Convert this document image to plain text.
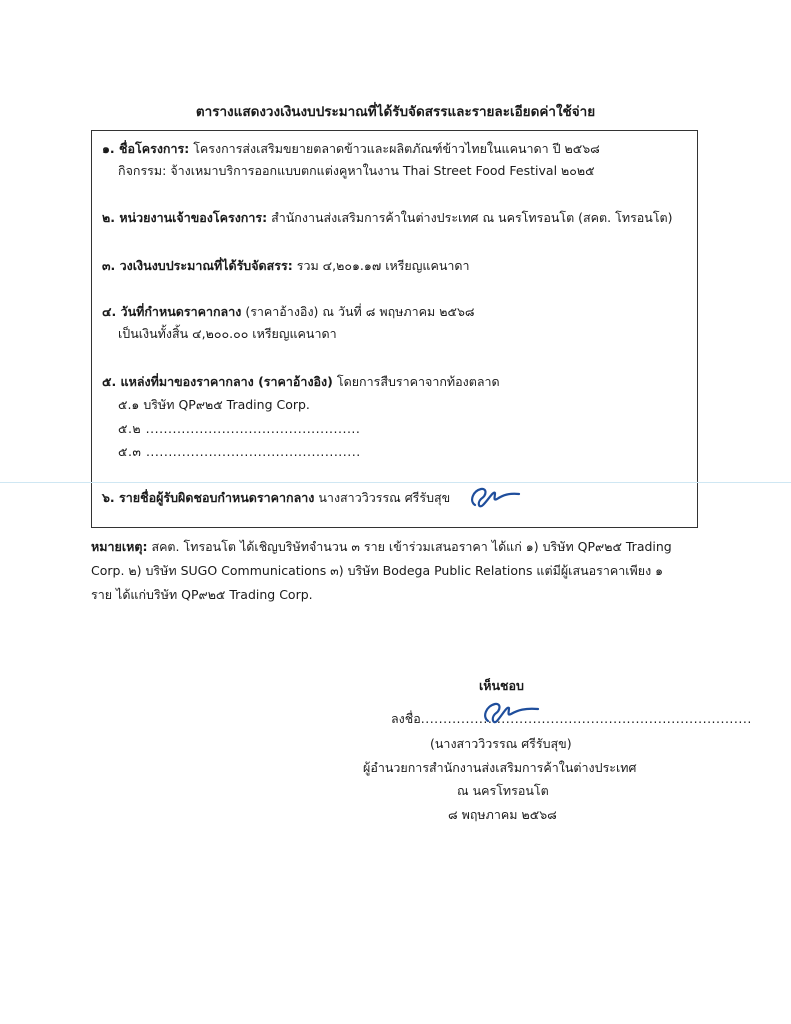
ตารางแสดงวงเงินงบประมาณที่ได้รับจัดสรรและรายละเอียดค่าใช้จ่าย
๑. ชื่อโครงการ: โครงการส่งเสริมขยายตลาดข้าวและผลิตภัณฑ์ข้าวไทยในแคนาดา ปี ๒๕๖๘
กิจกรรม: จ้างเหมาบริการออกแบบตกแต่งคูหาในงาน Thai Street Food Festival ๒๐๒๕
๒. หน่วยงานเจ้าของโครงการ: สำนักงานส่งเสริมการค้าในต่างประเทศ ณ นครโทรอนโต (สคต. โทรอนโต)
๓. วงเงินงบประมาณที่ได้รับจัดสรร: รวม ๔,๒๐๑.๑๗ เหรียญแคนาดา
๔. วันที่กำหนดราคากลาง (ราคาอ้างอิง) ณ วันที่ ๘ พฤษภาคม ๒๕๖๘
เป็นเงินทั้งสิ้น ๔,๒๐๐.๐๐ เหรียญแคนาดา
๕. แหล่งที่มาของราคากลาง (ราคาอ้างอิง) โดยการสืบราคาจากท้องตลาด
๕.๑ บริษัท QP๙๒๕ Trading Corp.
๕.๒ ................................................
๕.๓ ................................................
๖. รายชื่อผู้รับผิดชอบกำหนดราคากลาง นางสาววิวรรณ ศรีรับสุข
หมายเหตุ: สคต. โทรอนโต ได้เชิญบริษัทจำนวน ๓ ราย เข้าร่วมเสนอราคา ได้แก่ ๑) บริษัท QP๙๒๕ Trading
Corp. ๒) บริษัท SUGO Communications ๓) บริษัท Bodega Public Relations แต่มีผู้เสนอราคาเพียง ๑
ราย ได้แก่บริษัท QP๙๒๕ Trading Corp.
เห็นชอบ
ลงชื่อ..........................................................................
(นางสาววิวรรณ ศรีรับสุข)
ผู้อำนวยการสำนักงานส่งเสริมการค้าในต่างประเทศ
ณ นครโทรอนโต
๘ พฤษภาคม ๒๕๖๘
